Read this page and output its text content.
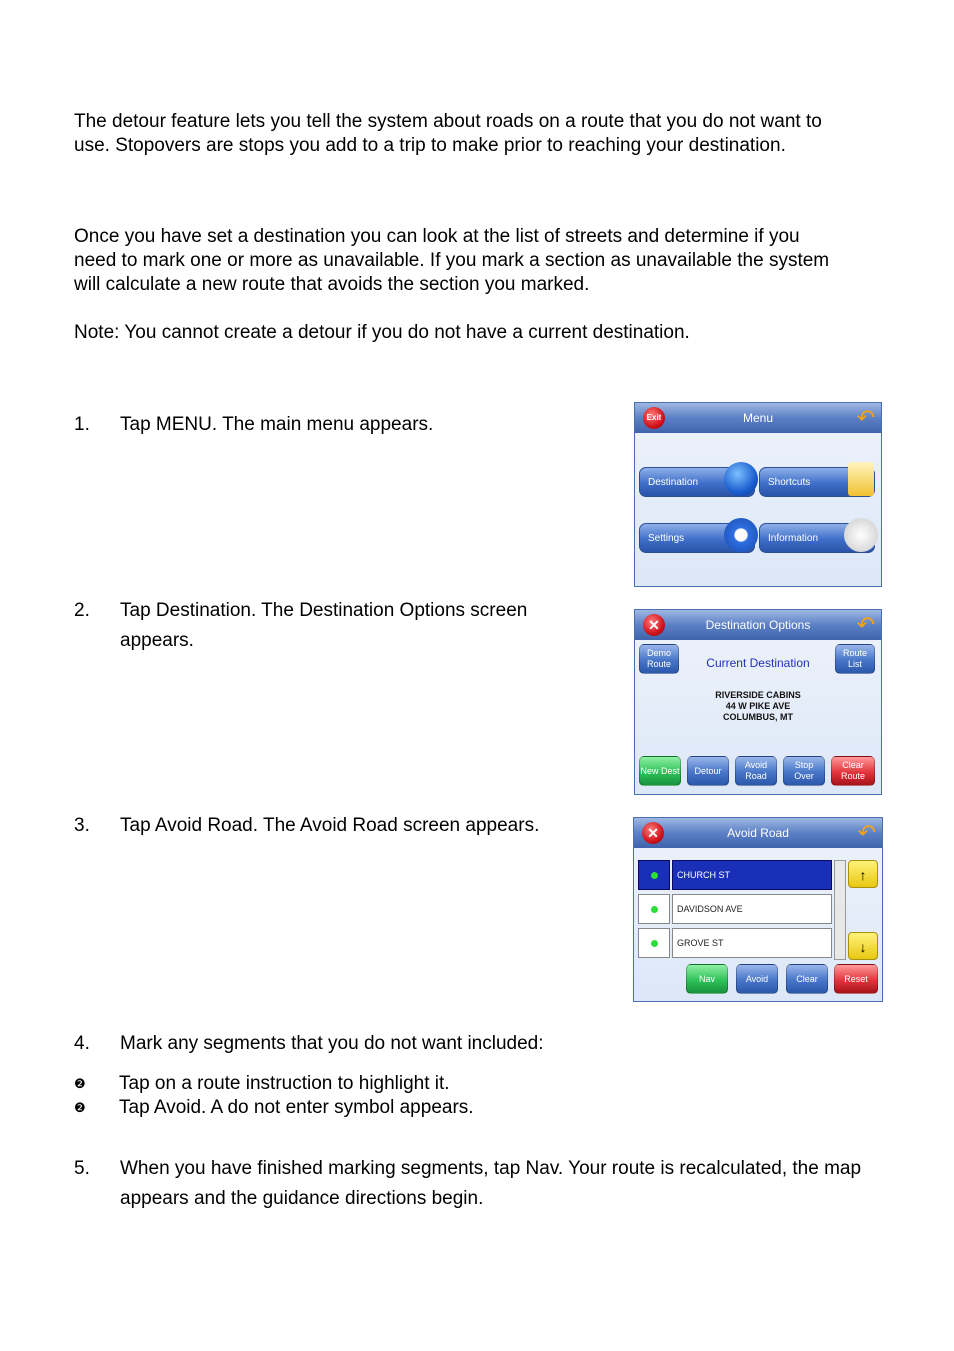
The detour feature lets you tell the system about roads on a route that you do not want to

use. Stopovers are stops you add to a trip to make prior to reaching your destination.

Once you have set a destination you can look at the list of streets and determine if you

need to mark one or more as unavailable. If you mark a section as unavailable the system

will calculate a new route that avoids the section you marked.

Note: You cannot create a detour if you do not have a current destination.

1. Tap MENU. The main menu appears.
2. Tap Destination. The Destination Options screen appears.
3. Tap Avoid Road. The Avoid Road screen appears.
4. Mark any segments that you do not want included:
❷ Tap on a route instruction to highlight it.
❷ Tap Avoid. A do not enter symbol appears.
5. When you have finished marking segments, tap Nav. Your route is recalculated, the map appears and the guidance directions begin.
Menu
Exit	↶
Destination	Shortcuts
Settings	Information
Destination Options
✕	↶
Demo Route
Route List
Current Destination
RIVERSIDE CABINS
44 W PIKE AVE
COLUMBUS, MT
New Dest	Detour
Avoid Road
Stop Over
Clear Route
Avoid Road
✕	↶
CHURCH ST
DAVIDSON AVE
GROVE ST
↑
↓
Nav	Avoid	Clear	Reset
